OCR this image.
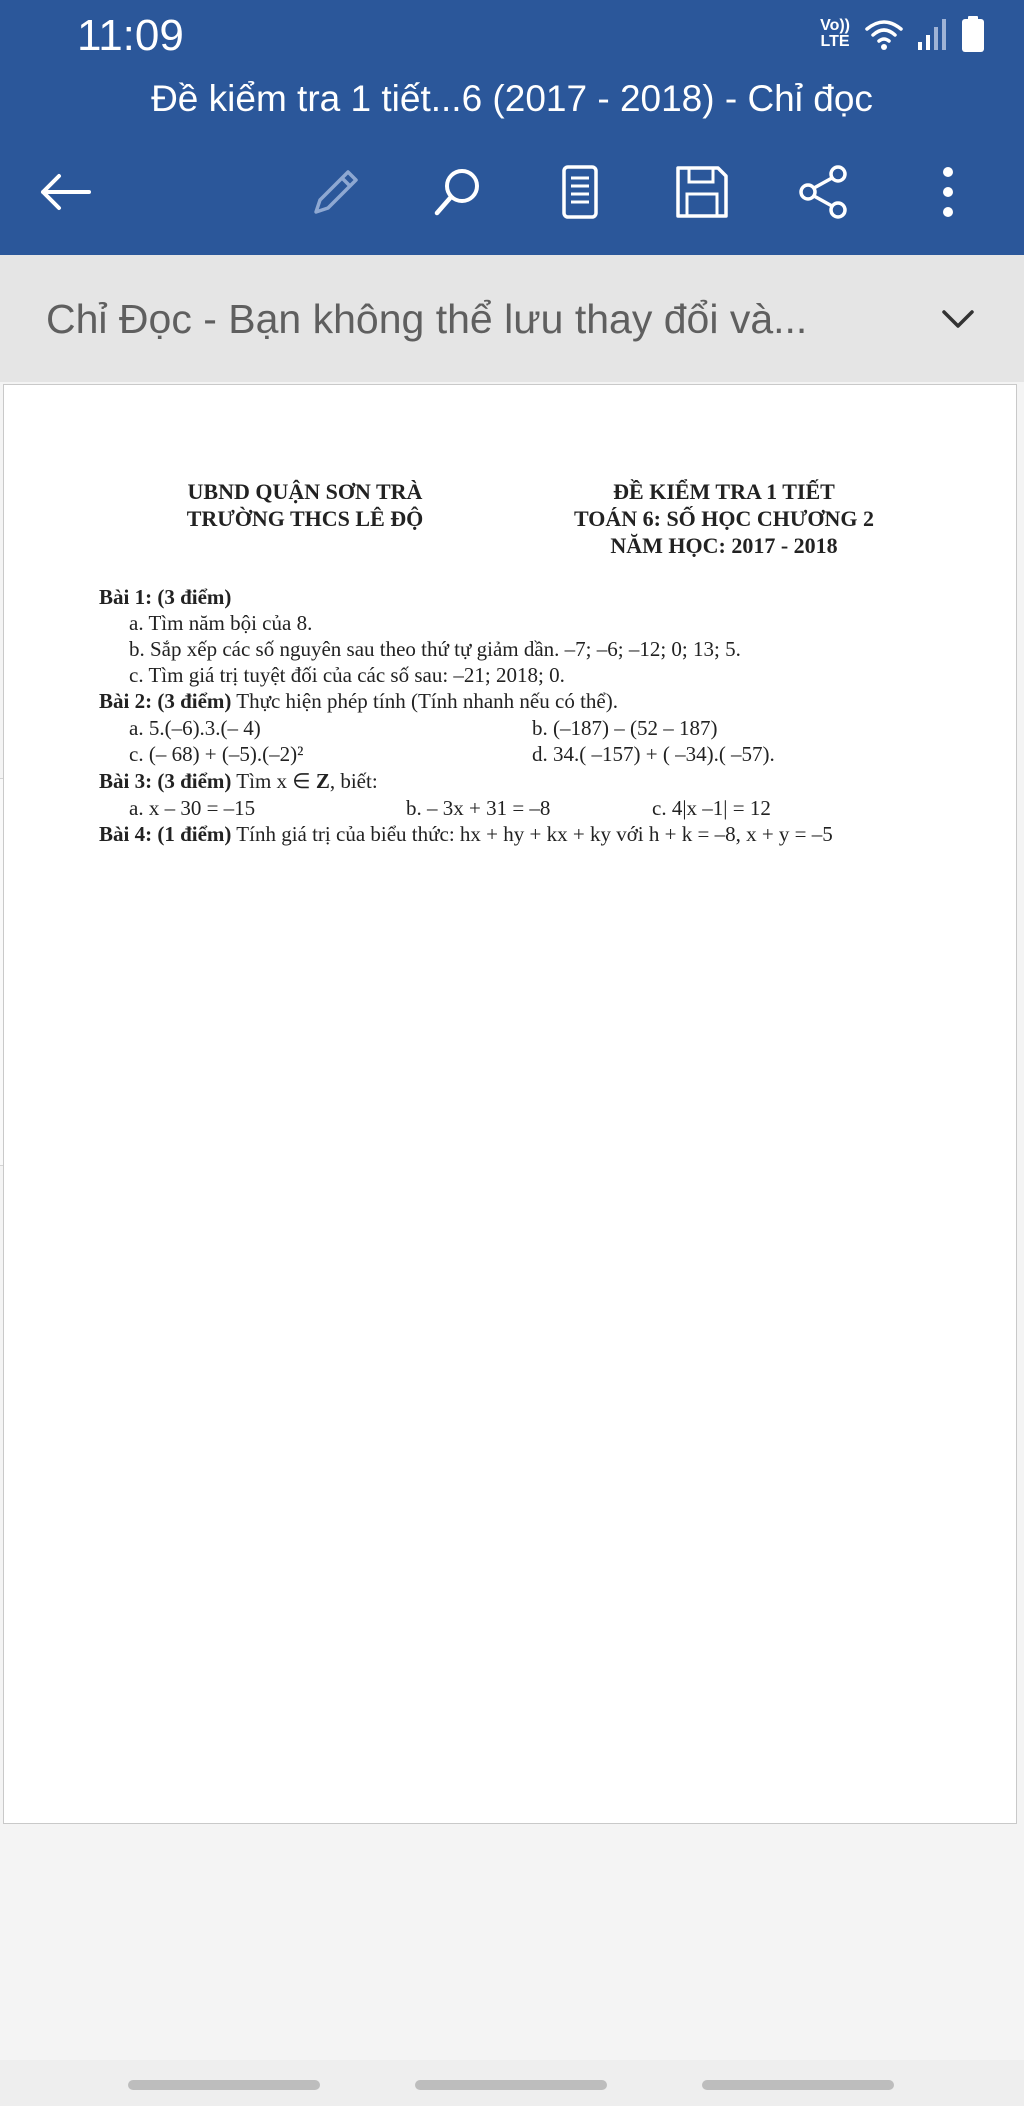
11:09	Vo))
LTE
Đề kiểm tra 1 tiết...6 (2017 - 2018) - Chỉ đọc
Chỉ Đọc - Bạn không thể lưu thay đổi và...
UBND QUẬN SƠN TRÀ
TRƯỜNG THCS LÊ ĐỘ
ĐỀ KIỂM TRA 1 TIẾT
TOÁN 6: SỐ HỌC CHƯƠNG 2
NĂM HỌC: 2017 - 2018
Bài 1: (3 điểm)
a. Tìm năm bội của 8.
b. Sắp xếp các số nguyên sau theo thứ tự giảm dần. –7; –6; –12; 0; 13; 5.
c. Tìm giá trị tuyệt đối của các số sau: –21; 2018; 0.
Bài 2: (3 điểm) Thực hiện phép tính (Tính nhanh nếu có thể).
a. 5.(–6).3.(– 4)	b. (–187) – (52 – 187)
c. (– 68) + (–5).(–2)²	d. 34.( –157) + ( –34).( –57).
Bài 3: (3 điểm) Tìm x ∈ Z, biết:
a. x – 30 = –15	b. – 3x + 31 = –8	c. 4|x –1| = 12
Bài 4: (1 điểm) Tính giá trị của biểu thức: hx + hy + kx + ky với h + k = –8, x + y = –5
